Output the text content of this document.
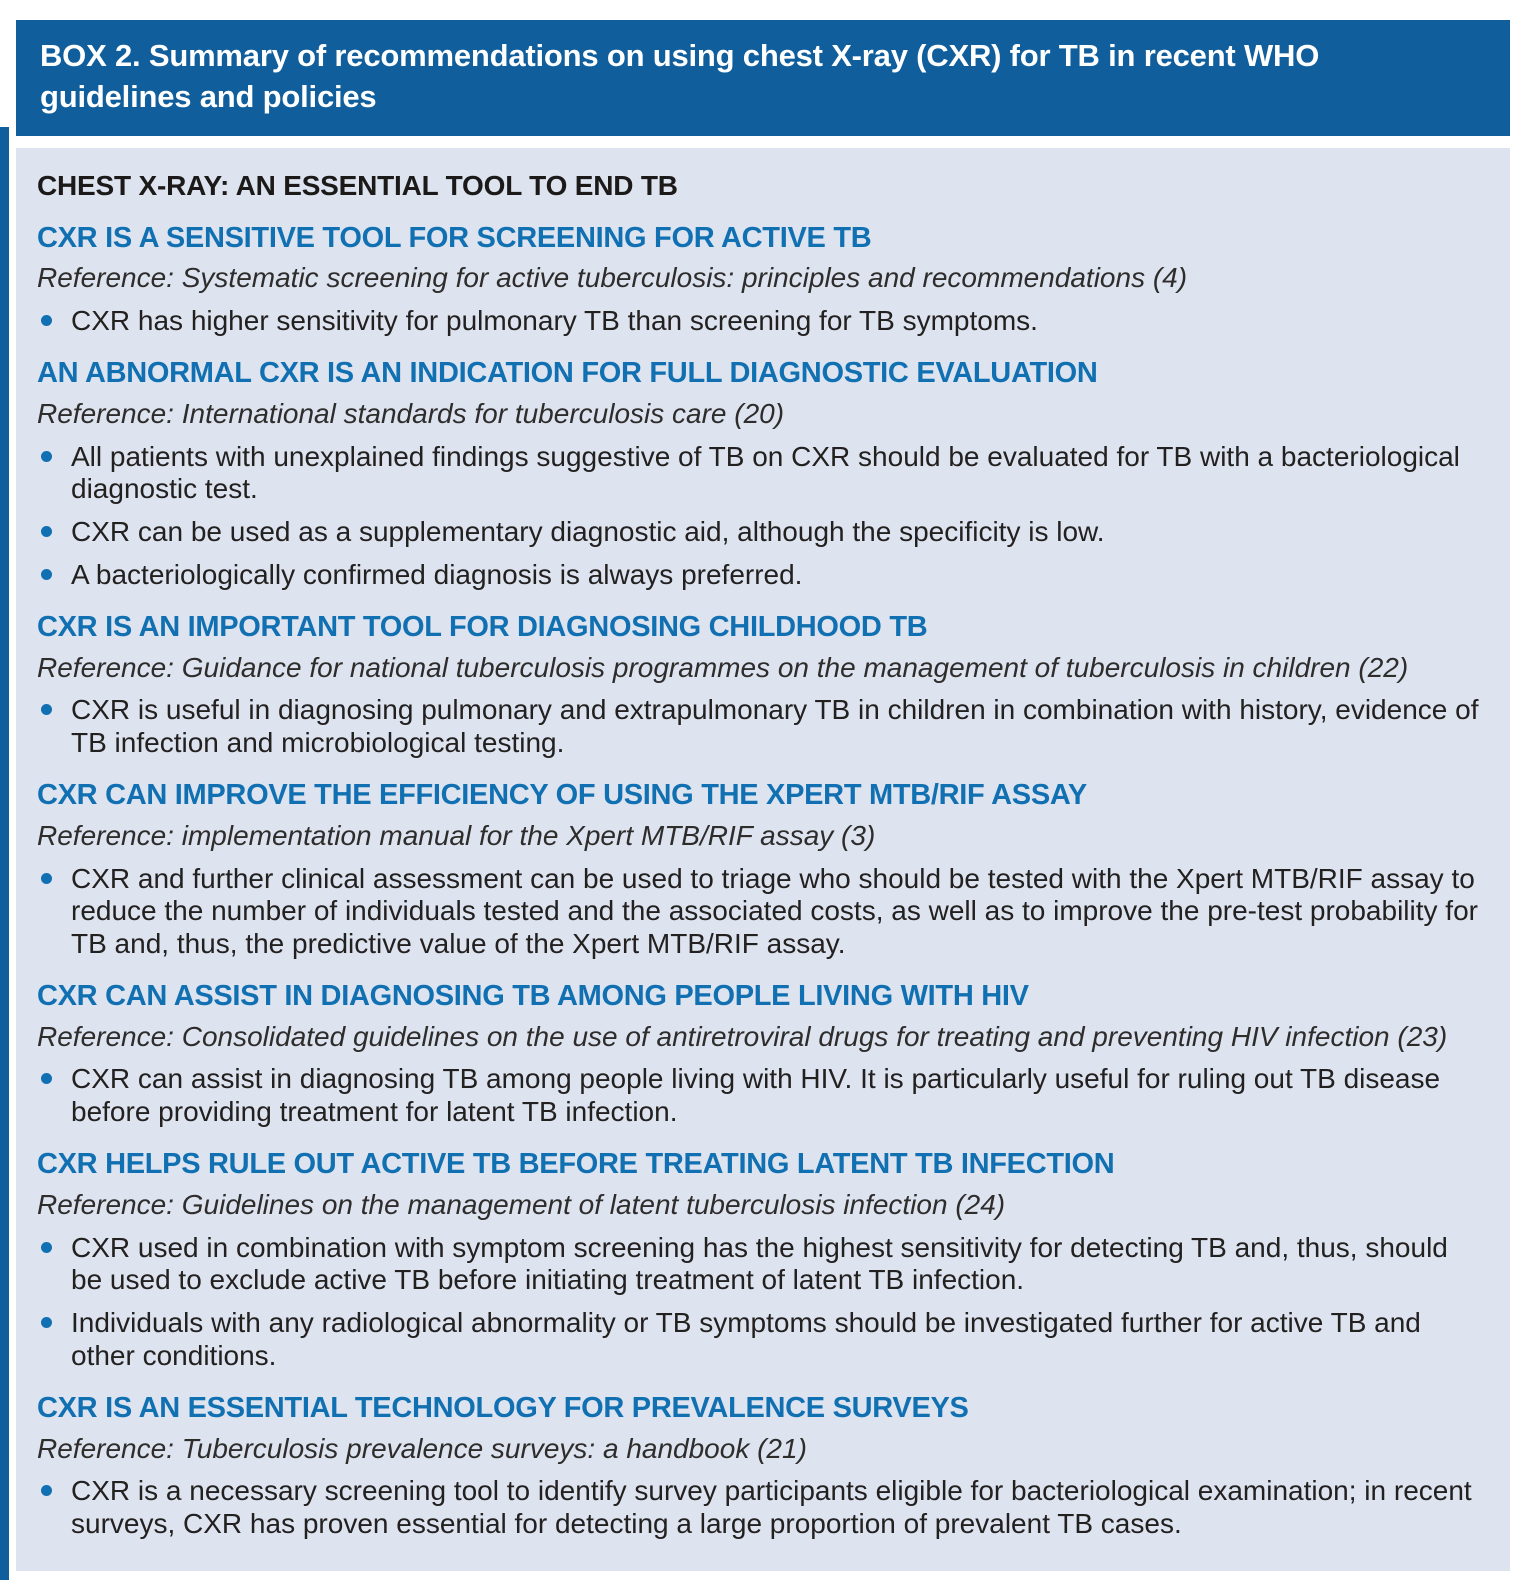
BOX 2. Summary of recommendations on using chest X-ray (CXR) for TB in recent WHO guidelines and policies
CHEST X-RAY: AN ESSENTIAL TOOL TO END TB
CXR IS A SENSITIVE TOOL FOR SCREENING FOR ACTIVE TB
Reference: Systematic screening for active tuberculosis: principles and recommendations (4)
CXR has higher sensitivity for pulmonary TB than screening for TB symptoms.
AN ABNORMAL CXR IS AN INDICATION FOR FULL DIAGNOSTIC EVALUATION
Reference: International standards for tuberculosis care (20)
All patients with unexplained findings suggestive of TB on CXR should be evaluated for TB with a bacteriological diagnostic test.
CXR can be used as a supplementary diagnostic aid, although the specificity is low.
A bacteriologically confirmed diagnosis is always preferred.
CXR IS AN IMPORTANT TOOL FOR DIAGNOSING CHILDHOOD TB
Reference: Guidance for national tuberculosis programmes on the management of tuberculosis in children (22)
CXR is useful in diagnosing pulmonary and extrapulmonary TB in children in combination with history, evidence of TB infection and microbiological testing.
CXR CAN IMPROVE THE EFFICIENCY OF USING THE XPERT MTB/RIF ASSAY
Reference: implementation manual for the Xpert MTB/RIF assay (3)
CXR and further clinical assessment can be used to triage who should be tested with the Xpert MTB/RIF assay to reduce the number of individuals tested and the associated costs, as well as to improve the pre-test probability for TB and, thus, the predictive value of the Xpert MTB/RIF assay.
CXR CAN ASSIST IN DIAGNOSING TB AMONG PEOPLE LIVING WITH HIV
Reference: Consolidated guidelines on the use of antiretroviral drugs for treating and preventing HIV infection (23)
CXR can assist in diagnosing TB among people living with HIV. It is particularly useful for ruling out TB disease before providing treatment for latent TB infection.
CXR HELPS RULE OUT ACTIVE TB BEFORE TREATING LATENT TB INFECTION
Reference: Guidelines on the management of latent tuberculosis infection (24)
CXR used in combination with symptom screening has the highest sensitivity for detecting TB and, thus, should be used to exclude active TB before initiating treatment of latent TB infection.
Individuals with any radiological abnormality or TB symptoms should be investigated further for active TB and other conditions.
CXR IS AN ESSENTIAL TECHNOLOGY FOR PREVALENCE SURVEYS
Reference: Tuberculosis prevalence surveys: a handbook (21)
CXR is a necessary screening tool to identify survey participants eligible for bacteriological examination; in recent surveys, CXR has proven essential for detecting a large proportion of prevalent TB cases.
